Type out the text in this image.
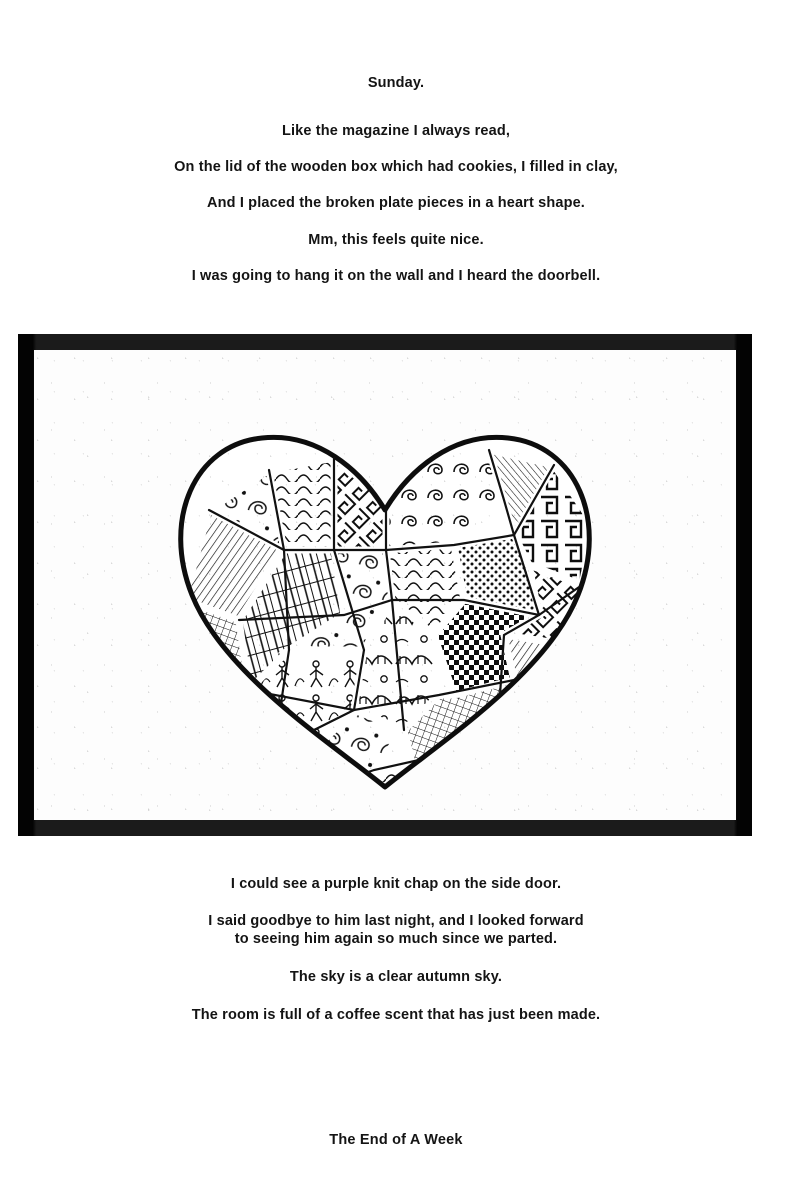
Sunday.

Like the magazine I always read,

On the lid of the wooden box which had cookies, I filled in clay,

And I placed the broken plate pieces in a heart shape.

Mm, this feels quite nice.

I was going to hang it on the wall and I heard the doorbell.

I could see a purple knit chap on the side door.

I said goodbye to him last night, and I looked forward

to seeing him again so much since we parted.

The sky is a clear autumn sky.

The room is full of a coffee scent that has just been made.

The End of A Week
